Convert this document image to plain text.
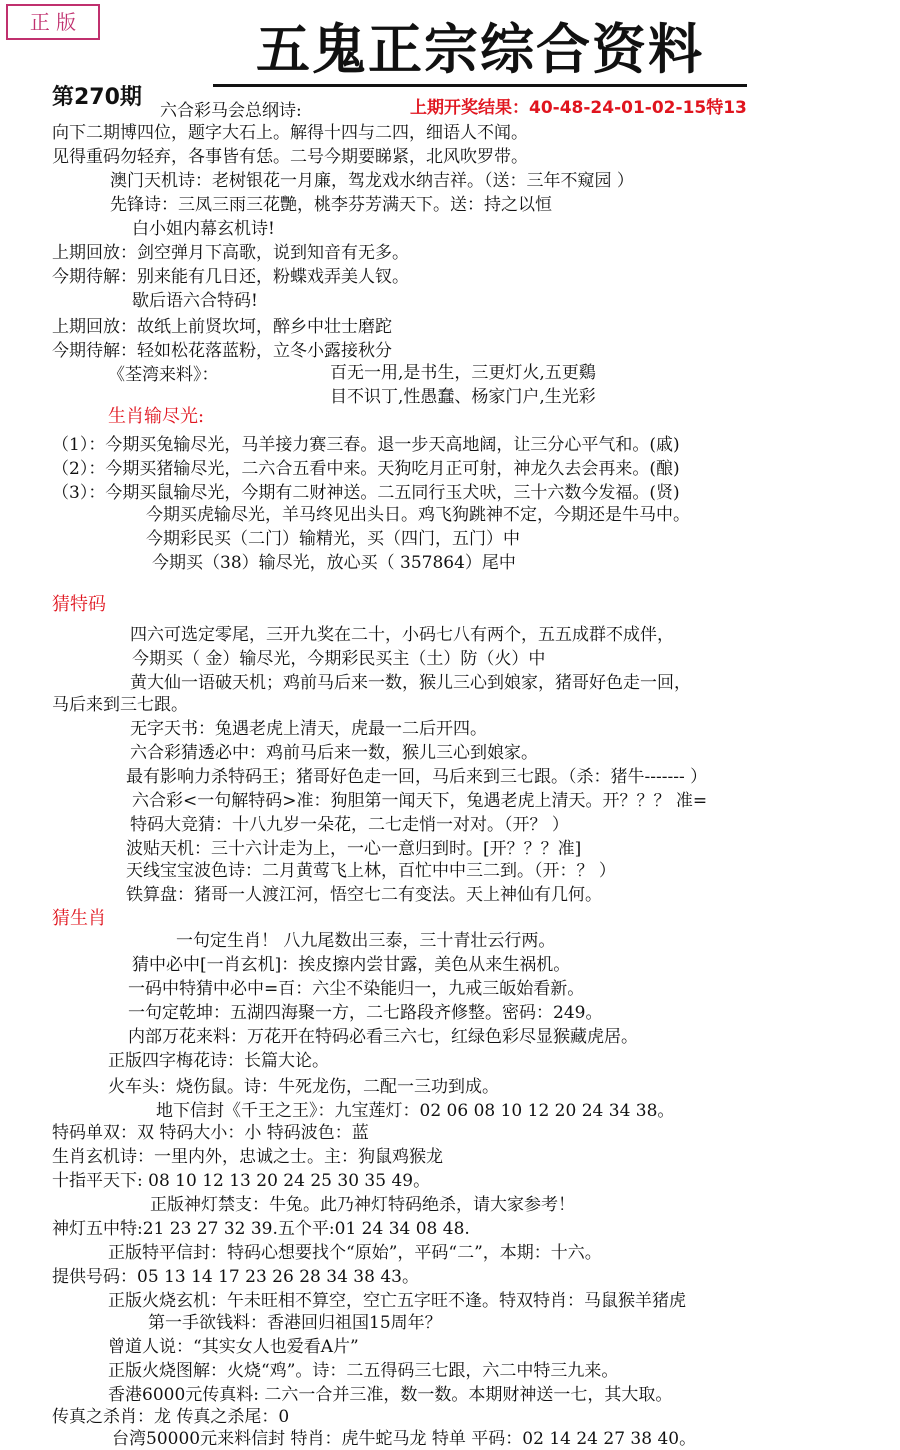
正 版	五鬼正宗综合资料
第270期	上期开奖结果：40-48-24-01-02-15特13
六合彩马会总纲诗:
向下二期博四位，题字大石上。解得十四与二四，细语人不闻。
见得重码勿轻弃，各事皆有恁。二号今期要睇紧，北风吹罗带。
澳门天机诗：老树银花一月廉，驾龙戏水纳吉祥。（送：三年不窥园 ）
先锋诗：三凤三雨三花艷，桃李芬芳满天下。送：持之以恒
白小姐内幕玄机诗!
上期回放：剑空弹月下高歌，说到知音有无多。
今期待解：别来能有几日还，粉蝶戏弄美人钗。
歇后语六合特码!
上期回放：故纸上前贤坎坷，醉乡中壮士磨跎
今期待解：轻如松花落蓝粉，立冬小露接秋分
《荃湾来料》：	百无一用,是书生，三更灯火,五更鷄
目不识丁,性愚蠢、杨家门户,生光彩
生肖输尽光:
（1）：今期买兔输尽光，马羊接力赛三春。退一步天高地阔，让三分心平气和。(戚)
（2）：今期买猪输尽光，二六合五看中来。天狗吃月正可射，神龙久去会再来。(酿)
（3）：今期买鼠输尽光，今期有二财神送。二五同行玉犬吠，三十六数今发福。(贤)
今期买虎输尽光，羊马终见出头日。鸡飞狗跳神不定，今期还是牛马中。
今期彩民买（二门）输精光，买（四门，五门）中
今期买（38）输尽光，放心买（ 357864）尾中
猜特码
四六可选定零尾，三开九奖在二十，小码七八有两个，五五成群不成伴，
今期买（ 金）输尽光，今期彩民买主（土）防（火）中
黄大仙一语破天机；鸡前马后来一数，猴儿三心到娘家，猪哥好色走一回，
马后来到三七跟。
无字天书：兔遇老虎上清天，虎最一二后开四。
六合彩猜透必中：鸡前马后来一数，猴儿三心到娘家。
最有影响力杀特码王；猪哥好色走一回，马后来到三七跟。（杀：猪牛------- ）
六合彩<一句解特码>准：狗胆第一闻天下，兔遇老虎上清天。开？？？ 准=
特码大竞猜：十八九岁一朵花，二七走悄一对对。（开？ ）
波贴天机：三十六计走为上，一心一意归到时。[开？？？准]
天线宝宝波色诗：二月黄莺飞上林，百忙中中三二到。（开：？ ）
铁算盘：猪哥一人渡江河，悟空七二有变法。天上神仙有几何。
猜生肖
一句定生肖！ 八九尾数出三泰，三十青壮云行两。
猜中必中[一肖玄机]：挨皮擦内尝甘露，美色从来生祸机。
一码中特猜中必中=百：六尘不染能归一，九戒三皈始看新。
一句定乾坤：五湖四海聚一方，二七路段齐修整。密码：249。
内部万花来料：万花开在特码必看三六七，红绿色彩尽显猴藏虎居。
正版四字梅花诗：长篇大论。
火车头：烧伤鼠。诗：牛死龙伤，二配一三功到成。
地下信封《千王之王》：九宝莲灯：02 06 08 10 12 20 24 34 38。
特码单双：双 特码大小：小 特码波色：蓝
生肖玄机诗：一里内外，忠诚之士。主：狗鼠鸡猴龙
十指平天下: 08 10 12 13 20 24 25 30 35 49。
正版神灯禁支：牛兔。此乃神灯特码绝杀，请大家参考！
神灯五中特:21 23 27 32 39.五个平:01 24 34 08 48.
正版特平信封：特码心想要找个“原始”，平码“二”，本期：十六。
提供号码：05 13 14 17 23 26 28 34 38 43。
正版火烧玄机：午未旺相不算空，空亡五字旺不逢。特双特肖：马鼠猴羊猪虎
第一手欲钱料：香港回归祖国15周年？
曾道人说：“其实女人也爱看A片”
正版火烧图解：火烧“鸡”。诗：二五得码三七跟，六二中特三九来。
香港6000元传真料: 二六一合并三准，数一数。本期财神送一七，其大取。
传真之杀肖：龙 传真之杀尾：0
台湾50000元来料信封 特肖：虎牛蛇马龙 特单 平码：02 14 24 27 38 40。
